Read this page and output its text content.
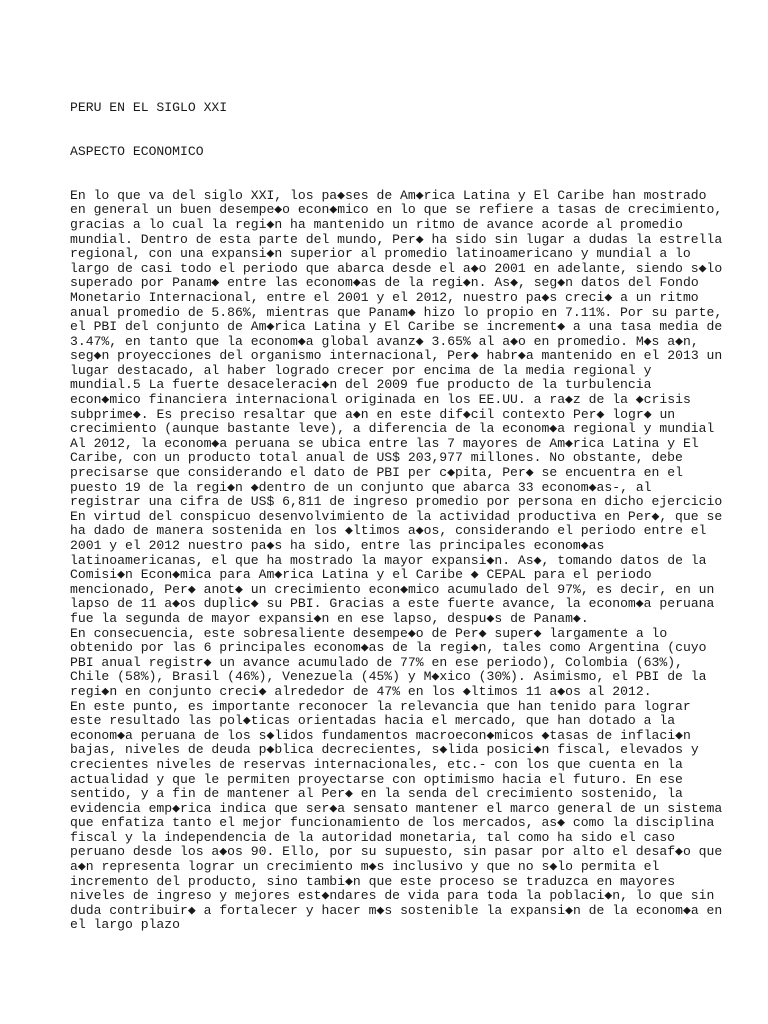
PERU EN EL SIGLO XXI

ASPECTO ECONOMICO

En lo que va del siglo XXI, los pa◆ses de Am◆rica Latina y El Caribe han mostrado
en general un buen desempe◆o econ◆mico en lo que se refiere a tasas de crecimiento,
gracias a lo cual la regi◆n ha mantenido un ritmo de avance acorde al promedio
mundial. Dentro de esta parte del mundo, Per◆ ha sido sin lugar a dudas la estrella
regional, con una expansi◆n superior al promedio latinoamericano y mundial a lo
largo de casi todo el periodo que abarca desde el a◆o 2001 en adelante, siendo s◆lo
superado por Panam◆ entre las econom◆as de la regi◆n. As◆, seg◆n datos del Fondo
Monetario Internacional, entre el 2001 y el 2012, nuestro pa◆s creci◆ a un ritmo
anual promedio de 5.86%, mientras que Panam◆ hizo lo propio en 7.11%. Por su parte,
el PBI del conjunto de Am◆rica Latina y El Caribe se increment◆ a una tasa media de
3.47%, en tanto que la econom◆a global avanz◆ 3.65% al a◆o en promedio. M◆s a◆n,
seg◆n proyecciones del organismo internacional, Per◆ habr◆a mantenido en el 2013 un
lugar destacado, al haber logrado crecer por encima de la media regional y
mundial.5 La fuerte desaceleraci◆n del 2009 fue producto de la turbulencia
econ◆mico financiera internacional originada en los EE.UU. a ra◆z de la ◆crisis
subprime◆. Es preciso resaltar que a◆n en este dif◆cil contexto Per◆ logr◆ un
crecimiento (aunque bastante leve), a diferencia de la econom◆a regional y mundial
Al 2012, la econom◆a peruana se ubica entre las 7 mayores de Am◆rica Latina y El
Caribe, con un producto total anual de US$ 203,977 millones. No obstante, debe
precisarse que considerando el dato de PBI per c◆pita, Per◆ se encuentra en el
puesto 19 de la regi◆n ◆dentro de un conjunto que abarca 33 econom◆as-, al
registrar una cifra de US$ 6,811 de ingreso promedio por persona en dicho ejercicio
En virtud del conspicuo desenvolvimiento de la actividad productiva en Per◆, que se
ha dado de manera sostenida en los ◆ltimos a◆os, considerando el periodo entre el
2001 y el 2012 nuestro pa◆s ha sido, entre las principales econom◆as
latinoamericanas, el que ha mostrado la mayor expansi◆n. As◆, tomando datos de la
Comisi◆n Econ◆mica para Am◆rica Latina y el Caribe ◆ CEPAL para el periodo
mencionado, Per◆ anot◆ un crecimiento econ◆mico acumulado del 97%, es decir, en un
lapso de 11 a◆os duplic◆ su PBI. Gracias a este fuerte avance, la econom◆a peruana
fue la segunda de mayor expansi◆n en ese lapso, despu◆s de Panam◆.
En consecuencia, este sobresaliente desempe◆o de Per◆ super◆ largamente a lo
obtenido por las 6 principales econom◆as de la regi◆n, tales como Argentina (cuyo
PBI anual registr◆ un avance acumulado de 77% en ese periodo), Colombia (63%),
Chile (58%), Brasil (46%), Venezuela (45%) y M◆xico (30%). Asimismo, el PBI de la
regi◆n en conjunto creci◆ alrededor de 47% en los ◆ltimos 11 a◆os al 2012.
En este punto, es importante reconocer la relevancia que han tenido para lograr
este resultado las pol◆ticas orientadas hacia el mercado, que han dotado a la
econom◆a peruana de los s◆lidos fundamentos macroecon◆micos ◆tasas de inflaci◆n
bajas, niveles de deuda p◆blica decrecientes, s◆lida posici◆n fiscal, elevados y
crecientes niveles de reservas internacionales, etc.- con los que cuenta en la
actualidad y que le permiten proyectarse con optimismo hacia el futuro. En ese
sentido, y a fin de mantener al Per◆ en la senda del crecimiento sostenido, la
evidencia emp◆rica indica que ser◆a sensato mantener el marco general de un sistema
que enfatiza tanto el mejor funcionamiento de los mercados, as◆ como la disciplina
fiscal y la independencia de la autoridad monetaria, tal como ha sido el caso
peruano desde los a◆os 90. Ello, por su supuesto, sin pasar por alto el desaf◆o que
a◆n representa lograr un crecimiento m◆s inclusivo y que no s◆lo permita el
incremento del producto, sino tambi◆n que este proceso se traduzca en mayores
niveles de ingreso y mejores est◆ndares de vida para toda la poblaci◆n, lo que sin
duda contribuir◆ a fortalecer y hacer m◆s sostenible la expansi◆n de la econom◆a en
el largo plazo
